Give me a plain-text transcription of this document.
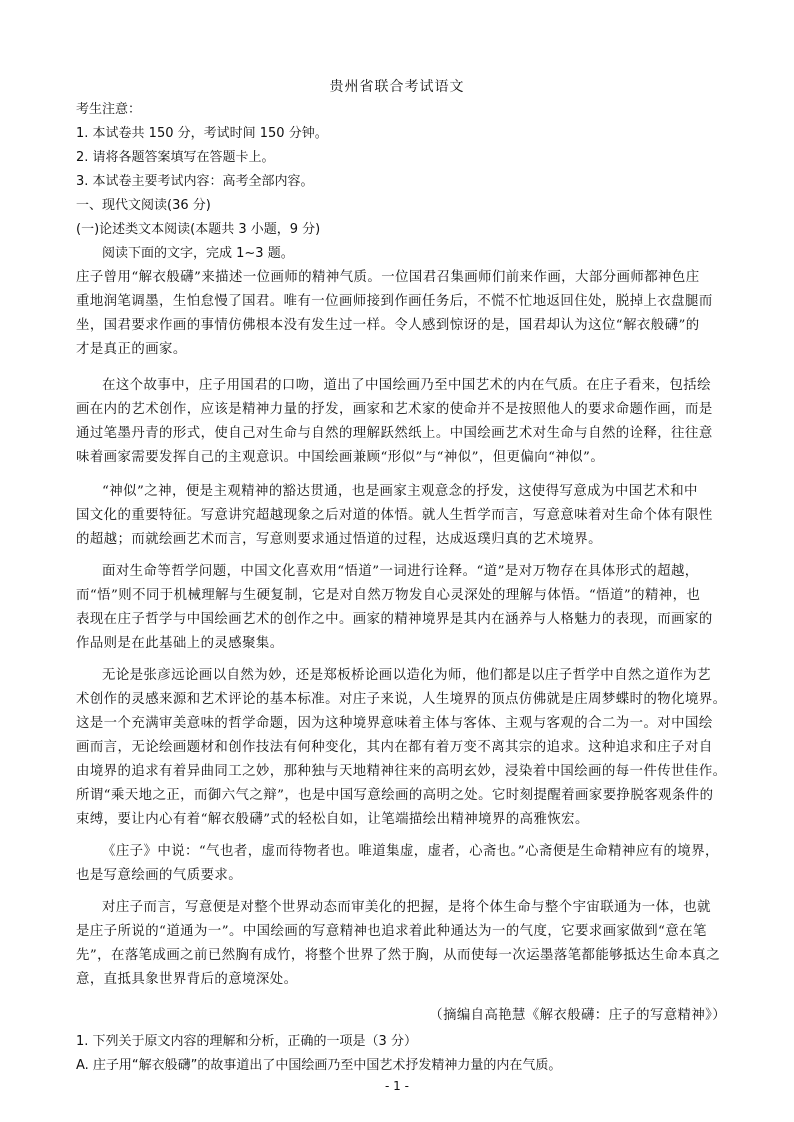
贵州省联合考试语文
考生注意：
1. 本试卷共 150 分，考试时间 150 分钟。
2. 请将各题答案填写在答题卡上。
3. 本试卷主要考试内容：高考全部内容。
一、现代文阅读(36 分)
(一)论述类文本阅读(本题共 3 小题，9 分)
阅读下面的文字，完成 1~3 题。
庄子曾用“解衣般礴”来描述一位画师的精神气质。一位国君召集画师们前来作画，大部分画师都神色庄
重地润笔调墨，生怕怠慢了国君。唯有一位画师接到作画任务后，不慌不忙地返回住处，脱掉上衣盘腿而
坐，国君要求作画的事情仿佛根本没有发生过一样。令人感到惊讶的是，国君却认为这位“解衣般礴”的
才是真正的画家。
在这个故事中，庄子用国君的口吻，道出了中国绘画乃至中国艺术的内在气质。在庄子看来，包括绘
画在内的艺术创作，应该是精神力量的抒发，画家和艺术家的使命并不是按照他人的要求命题作画，而是
通过笔墨丹青的形式，使自己对生命与自然的理解跃然纸上。中国绘画艺术对生命与自然的诠释，往往意
味着画家需要发挥自己的主观意识。中国绘画兼顾“形似”与“神似”，但更偏向“神似”。
“神似”之神，便是主观精神的豁达贯通，也是画家主观意念的抒发，这使得写意成为中国艺术和中
国文化的重要特征。写意讲究超越现象之后对道的体悟。就人生哲学而言，写意意味着对生命个体有限性
的超越；而就绘画艺术而言，写意则要求通过悟道的过程，达成返璞归真的艺术境界。
面对生命等哲学问题，中国文化喜欢用“悟道”一词进行诠释。“道”是对万物存在具体形式的超越，
而“悟”则不同于机械理解与生硬复制，它是对自然万物发自心灵深处的理解与体悟。“悟道”的精神，也
表现在庄子哲学与中国绘画艺术的创作之中。画家的精神境界是其内在涵养与人格魅力的表现，而画家的
作品则是在此基础上的灵感聚集。
无论是张彦远论画以自然为妙，还是郑板桥论画以造化为师，他们都是以庄子哲学中自然之道作为艺
术创作的灵感来源和艺术评论的基本标准。对庄子来说，人生境界的顶点仿佛就是庄周梦蝶时的物化境界。
这是一个充满审美意味的哲学命题，因为这种境界意味着主体与客体、主观与客观的合二为一。对中国绘
画而言，无论绘画题材和创作技法有何种变化，其内在都有着万变不离其宗的追求。这种追求和庄子对自
由境界的追求有着异曲同工之妙，那种独与天地精神往来的高明玄妙，浸染着中国绘画的每一件传世佳作。
所谓“乘天地之正，而御六气之辩”，也是中国写意绘画的高明之处。它时刻提醒着画家要挣脱客观条件的
束缚，要让内心有着“解衣般礴”式的轻松自如，让笔端描绘出精神境界的高雅恢宏。
《庄子》中说：“气也者，虚而待物者也。唯道集虚，虚者，心斋也。”心斋便是生命精神应有的境界，
也是写意绘画的气质要求。
对庄子而言，写意便是对整个世界动态而审美化的把握，是将个体生命与整个宇宙联通为一体，也就
是庄子所说的“道通为一”。中国绘画的写意精神也追求着此种通达为一的气度，它要求画家做到“意在笔
先”，在落笔成画之前已然胸有成竹，将整个世界了然于胸，从而使每一次运墨落笔都能够抵达生命本真之
意，直抵具象世界背后的意境深处。
（摘编自高艳慧《解衣般礴：庄子的写意精神》）
1. 下列关于原文内容的理解和分析，正确的一项是（3 分）
A. 庄子用“解衣般礴”的故事道出了中国绘画乃至中国艺术抒发精神力量的内在气质。
- 1 -
